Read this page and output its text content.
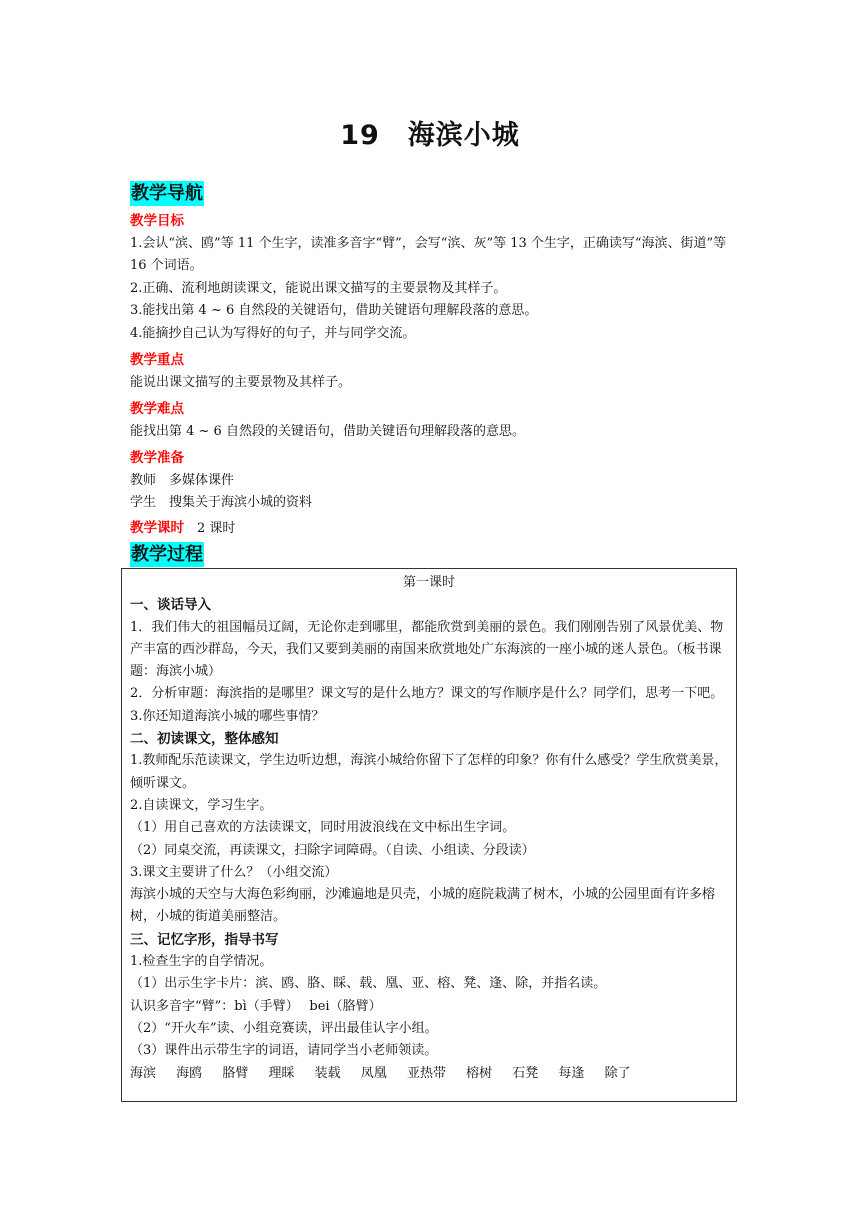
19　海滨小城
教学导航

教学目标

1.会认“滨、鸥”等 11 个生字，读准多音字“臂”，会写“滨、灰”等 13 个生字，正确读写“海滨、街道”等 16 个词语。

2.正确、流利地朗读课文，能说出课文描写的主要景物及其样子。

3.能找出第 4 ~ 6 自然段的关键语句，借助关键语句理解段落的意思。

4.能摘抄自己认为写得好的句子，并与同学交流。

教学重点

能说出课文描写的主要景物及其样子。

教学难点

能找出第 4 ~ 6 自然段的关键语句，借助关键语句理解段落的意思。

教学准备

教师　多媒体课件

学生　搜集关于海滨小城的资料

教学课时　2 课时

教学过程

第一课时

一、谈话导入

1．我们伟大的祖国幅员辽阔，无论你走到哪里，都能欣赏到美丽的景色。我们刚刚告别了风景优美、物产丰富的西沙群岛，今天，我们又要到美丽的南国来欣赏地处广东海滨的一座小城的迷人景色。（板书课题：海滨小城）

2．分析审题：海滨指的是哪里？课文写的是什么地方？课文的写作顺序是什么？同学们，思考一下吧。

3.你还知道海滨小城的哪些事情？

二、初读课文，整体感知

1.教师配乐范读课文，学生边听边想，海滨小城给你留下了怎样的印象？你有什么感受？学生欣赏美景，倾听课文。

2.自读课文，学习生字。

（1）用自己喜欢的方法读课文，同时用波浪线在文中标出生字词。

（2）同桌交流，再读课文，扫除字词障碍。（自读、小组读、分段读）

3.课文主要讲了什么？（小组交流）

海滨小城的天空与大海色彩绚丽，沙滩遍地是贝壳，小城的庭院栽满了树木，小城的公园里面有许多榕树，小城的街道美丽整洁。

三、记忆字形，指导书写

1.检查生字的自学情况。

（1）出示生字卡片：滨、鸥、胳、睬、载、凰、亚、榕、凳、逢、除，并指名读。

认识多音字“臂”：bì（手臂）　 bei（胳臂）

（2）“开火车”读、小组竞赛读，评出最佳认字小组。

（3）课件出示带生字的词语，请同学当小老师领读。

海滨 海鸥 胳臂 理睬 装载 凤凰 亚热带 榕树 石凳 每逢 除了
